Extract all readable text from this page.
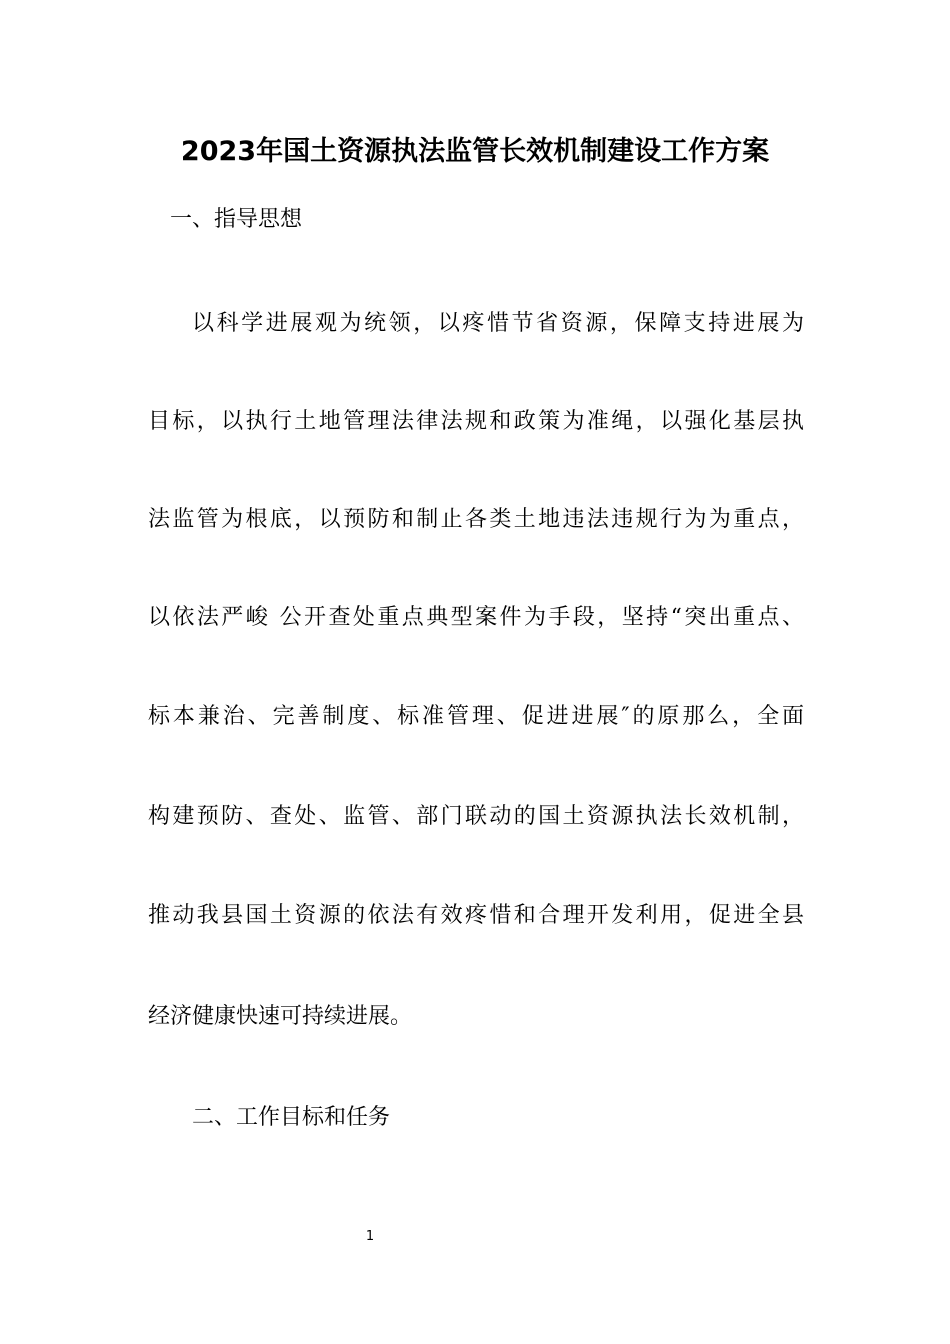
2023年国土资源执法监管长效机制建设工作方案
一、指导思想
以科学进展观为统领，以疼惜节省资源，保障支持进展为
目标，以执行土地管理法律法规和政策为准绳，以强化基层执
法监管为根底，以预防和制止各类土地违法违规行为为重点，
以依法严峻 公开查处重点典型案件为手段，坚持“突出重点、
标本兼治、完善制度、标准管理、促进进展″的原那么，全面
构建预防、查处、监管、部门联动的国土资源执法长效机制，
推动我县国土资源的依法有效疼惜和合理开发利用，促进全县
经济健康快速可持续进展。
二、工作目标和任务
1
